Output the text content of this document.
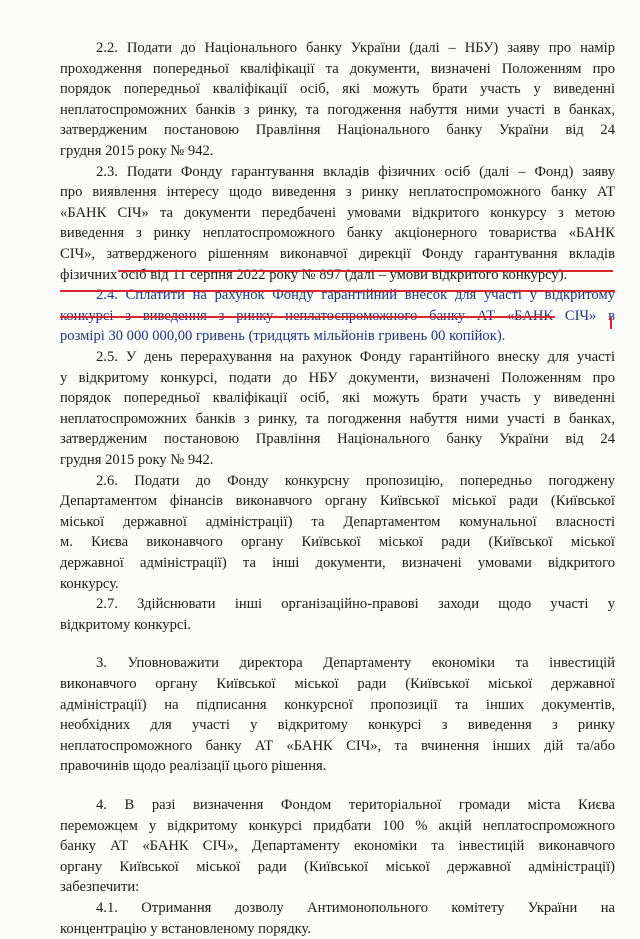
2.2. Подати до Національного банку України (далі – НБУ) заяву про намір
проходження попередньої кваліфікації та документи, визначені Положенням про
порядок попередньої кваліфікації осіб, які можуть брати участь у виведенні
неплатоспроможних банків з ринку, та погодження набуття ними участі в банках,
затвердженим постановою Правління Національного банку України від 24
грудня 2015 року № 942.
2.3. Подати Фонду гарантування вкладів фізичних осіб (далі – Фонд) заяву
про виявлення інтересу щодо виведення з ринку неплатоспроможного банку АТ
«БАНК СІЧ» та документи передбачені умовами відкритого конкурсу з метою
виведення з ринку неплатоспроможного банку акціонерного товариства «БАНК
СІЧ», затвердженого рішенням виконавчої дирекції Фонду гарантування вкладів
фізичних осіб від 11 серпня 2022 року № 897 (далі – умови відкритого конкурсу).
2.4. Сплатити на рахунок Фонду гарантійний внесок для участі у відкритому
конкурсі з виведення з ринку неплатоспроможного банку АТ «БАНК СІЧ» в
розмірі 30 000 000,00 гривень (тридцять мільйонів гривень 00 копійок).
2.5. У день перерахування на рахунок Фонду гарантійного внеску для участі
у відкритому конкурсі, подати до НБУ документи, визначені Положенням про
порядок попередньої кваліфікації осіб, які можуть брати участь у виведенні
неплатоспроможних банків з ринку, та погодження набуття ними участі в банках,
затвердженим постановою Правління Національного банку України від 24
грудня 2015 року № 942.
2.6. Подати до Фонду конкурсну пропозицію, попередньо погоджену
Департаментом фінансів виконавчого органу Київської міської ради (Київської
міської державної адміністрації) та Департаментом комунальної власності
м. Києва виконавчого органу Київської міської ради (Київської міської
державної адміністрації) та інші документи, визначені умовами відкритого
конкурсу.
2.7. Здійснювати інші організаційно-правові заходи щодо участі у
відкритому конкурсі.
3. Уповноважити директора Департаменту економіки та інвестицій
виконавчого органу Київської міської ради (Київської міської державної
адміністрації) на підписання конкурсної пропозиції та інших документів,
необхідних для участі у відкритому конкурсі з виведення з ринку
неплатоспроможного банку АТ «БАНК СІЧ», та вчинення інших дій та/або
правочинів щодо реалізації цього рішення.
4. В разі визначення Фондом територіальної громади міста Києва
переможцем у відкритому конкурсі придбати 100 % акцій неплатоспроможного
банку АТ «БАНК СІЧ», Департаменту економіки та інвестицій виконавчого
органу Київської міської ради (Київської міської державної адміністрації)
забезпечити:
4.1. Отримання дозволу Антимонопольного комітету України на
концентрацію у встановленому порядку.
